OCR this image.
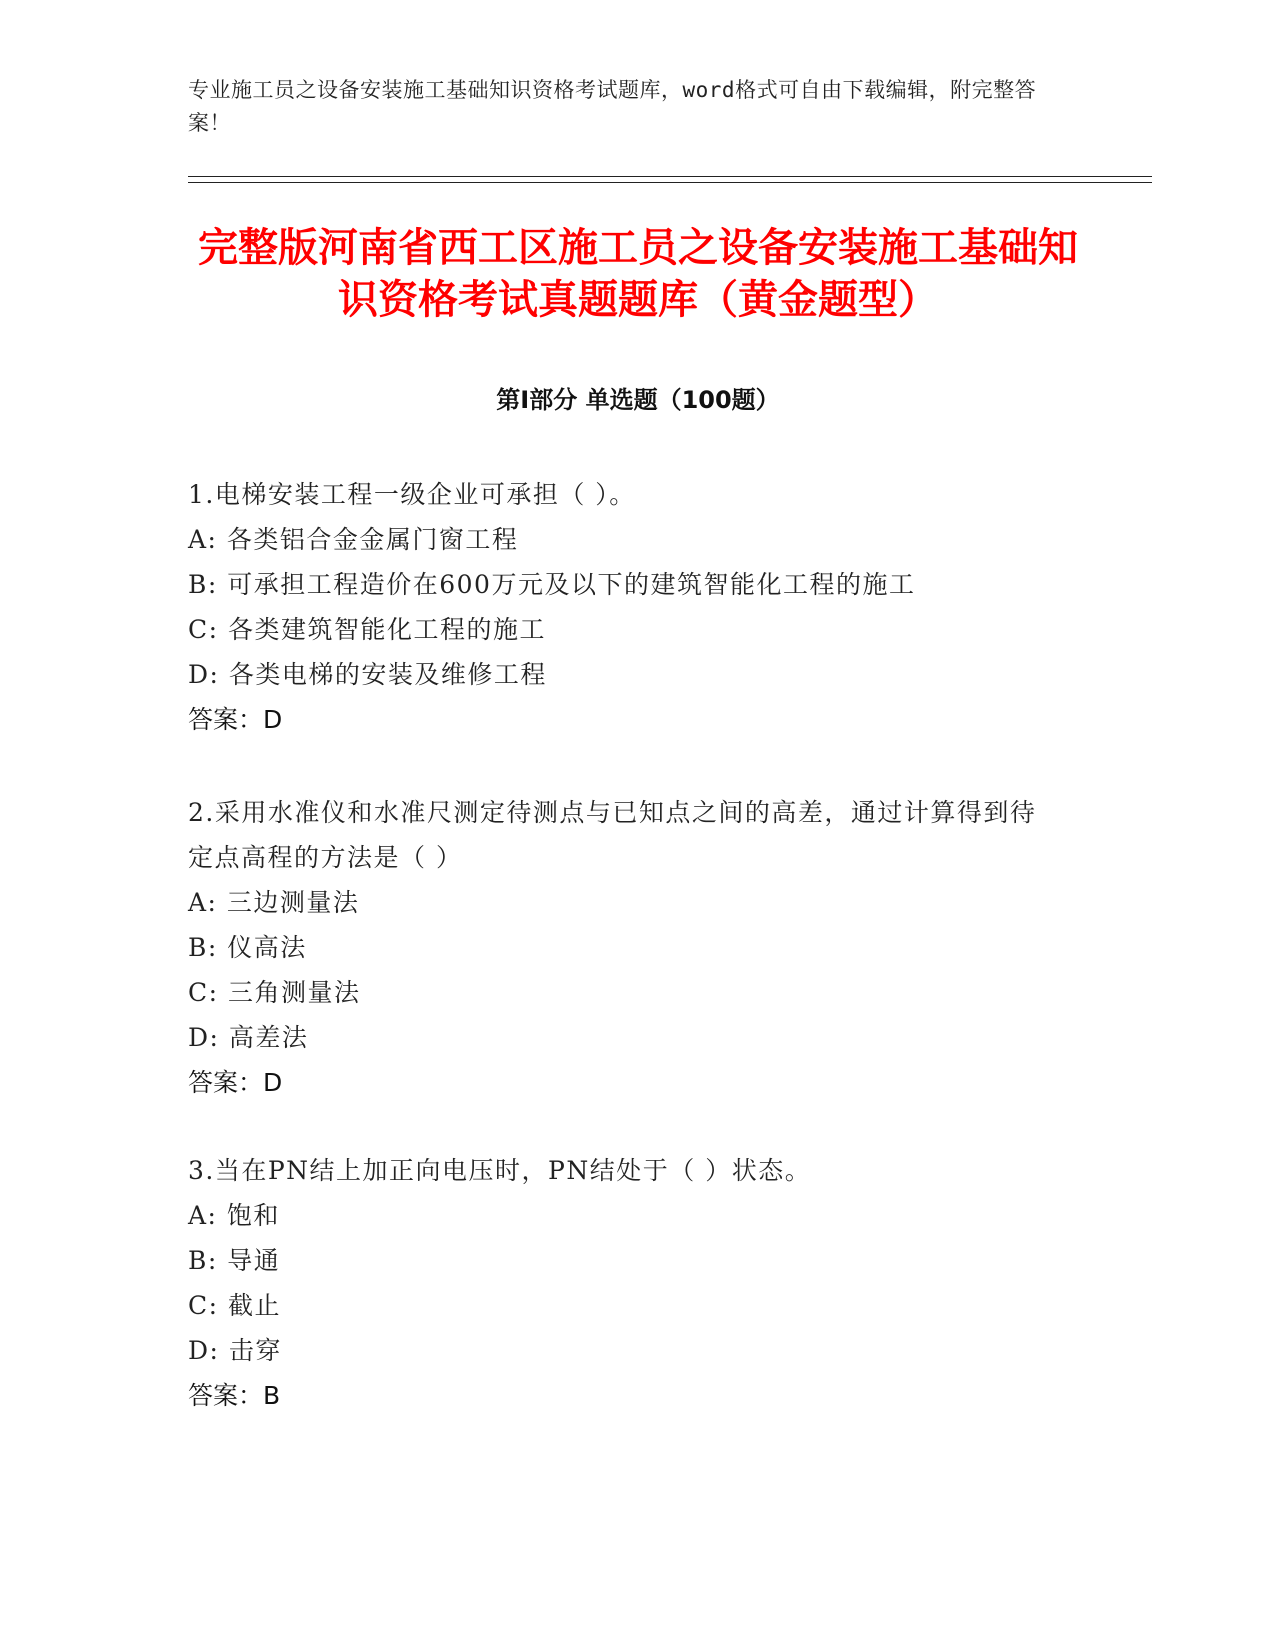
专业施工员之设备安装施工基础知识资格考试题库，word格式可自由下载编辑，附完整答案！
完整版河南省西工区施工员之设备安装施工基础知识资格考试真题题库（黄金题型）
第I部分 单选题（100题）
1.电梯安装工程一级企业可承担（ ）。
A: 各类铝合金金属门窗工程
B: 可承担工程造价在600万元及以下的建筑智能化工程的施工
C: 各类建筑智能化工程的施工
D: 各类电梯的安装及维修工程
答案：D
2.采用水准仪和水准尺测定待测点与已知点之间的高差，通过计算得到待定点高程的方法是（ ）
A: 三边测量法
B: 仪高法
C: 三角测量法
D: 高差法
答案：D
3.当在PN结上加正向电压时，PN结处于（ ）状态。
A: 饱和
B: 导通
C: 截止
D: 击穿
答案：B
